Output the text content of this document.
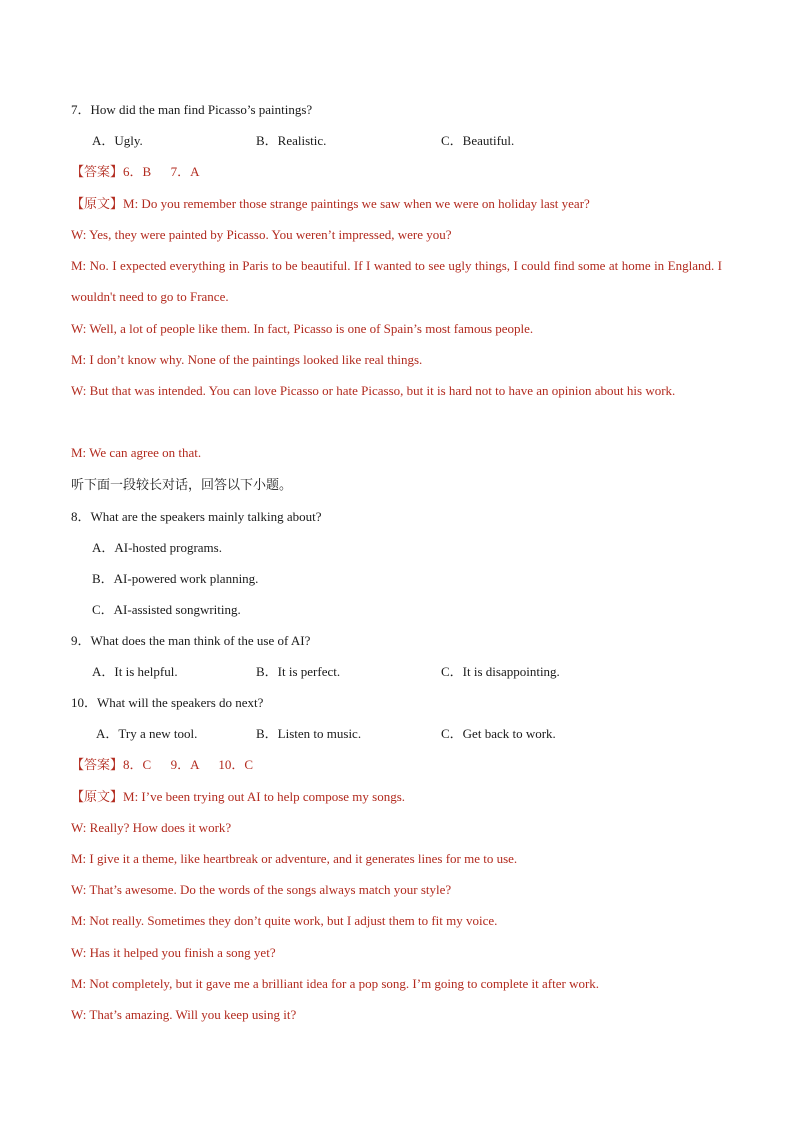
7．How did the man find Picasso’s paintings?
A．Ugly.	B．Realistic.	C．Beautiful.
【答案】6．B      7．A
【原文】M: Do you remember those strange paintings we saw when we were on holiday last year?
W: Yes, they were painted by Picasso. You weren’t impressed, were you?
M: No. I expected everything in Paris to be beautiful. If I wanted to see ugly things, I could find some at home in England. I wouldn't need to go to France.
W: Well, a lot of people like them. In fact, Picasso is one of Spain’s most famous people.
M: I don’t know why. None of the paintings looked like real things.
W: But that was intended. You can love Picasso or hate Picasso, but it is hard not to have an opinion about his work.
M: We can agree on that.
听下面一段较长对话，回答以下小题。
8．What are the speakers mainly talking about?
A．AI-hosted programs.
B．AI-powered work planning.
C．AI-assisted songwriting.
9．What does the man think of the use of AI?
A．It is helpful.	B．It is perfect.	C．It is disappointing.
10．What will the speakers do next?
A．Try a new tool.	B．Listen to music.	C．Get back to work.
【答案】8．C      9．A      10．C
【原文】M: I’ve been trying out AI to help compose my songs.
W: Really? How does it work?
M: I give it a theme, like heartbreak or adventure, and it generates lines for me to use.
W: That’s awesome. Do the words of the songs always match your style?
M: Not really. Sometimes they don’t quite work, but I adjust them to fit my voice.
W: Has it helped you finish a song yet?
M: Not completely, but it gave me a brilliant idea for a pop song. I’m going to complete it after work.
W: That’s amazing. Will you keep using it?
